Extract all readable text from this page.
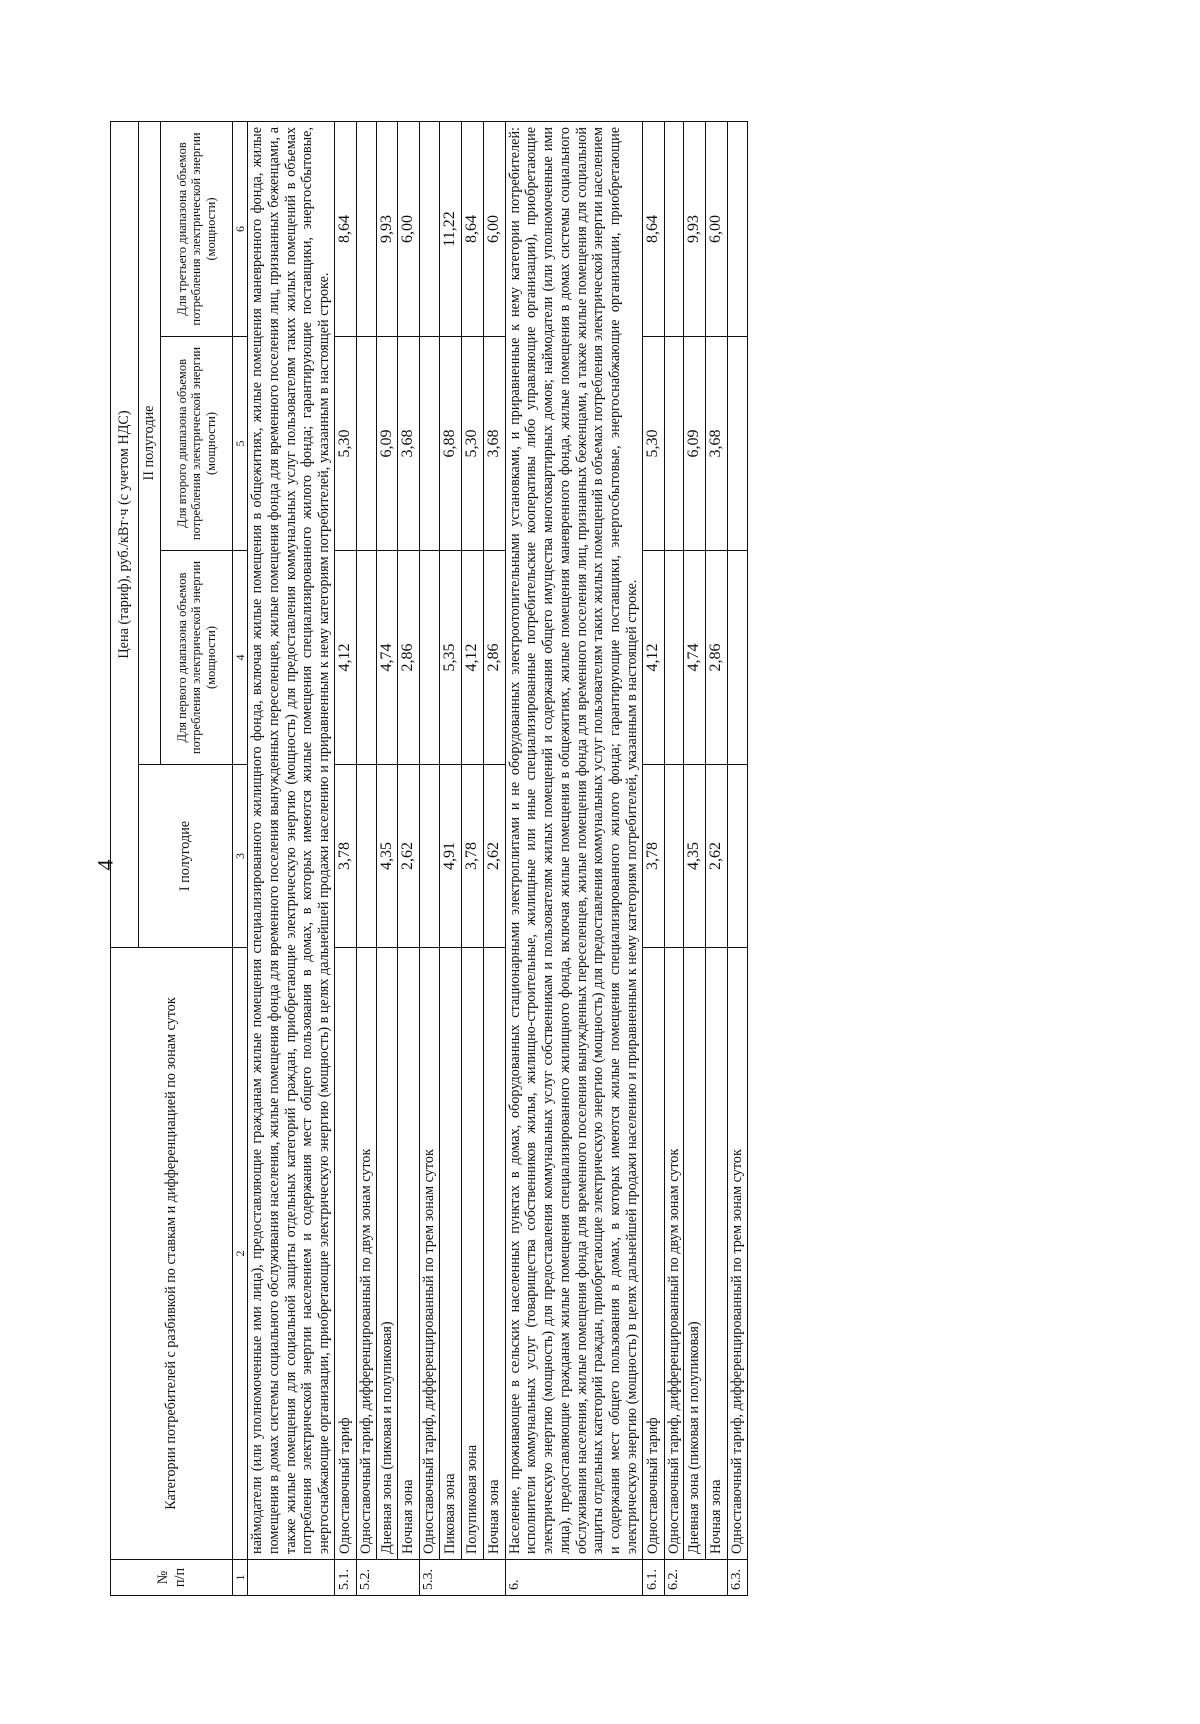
4
№
п/п	Категории потребителей с разбивкой по ставкам и дифференциацией по зонам суток	Цена (тариф), руб./кВт·ч (с учетом НДС)			
		I полугодие	II полугодие		
			Для первого диапазона объемов потребления электрической энергии (мощности)	Для второго диапазона объемов потребления электрической энергии (мощности)	Для третьего диапазона объемов потребления электрической энергии (мощности)
1	2	3	4	5	6
	наймодатели (или уполномоченные ими лица), предоставляющие гражданам жилые помещения специализированного жилищного фонда, включая жилые помещения в общежитиях, жилые помещения маневренного фонда, жилые помещения в домах системы социального обслуживания населения, жилые помещения фонда для временного поселения вынужденных переселенцев, жилые помещения фонда для временного поселения лиц, признанных беженцами, а также жилые помещения для социальной защиты отдельных категорий граждан, приобретающие электрическую энергию (мощность) для предоставления коммунальных услуг пользователям таких жилых помещений в объемах потребления электрической энергии населением и содержания мест общего пользования в домах, в которых имеются жилые помещения специализированного жилого фонда; гарантирующие поставщики, энергосбытовые, энергоснабжающие организации, приобретающие электрическую энергию (мощность) в целях дальнейшей продажи населению и приравненным к нему категориям потребителей, указанным в настоящей строке.				
5.1.	Одноставочный тариф	3,78	4,12	5,30	8,64
5.2.	Одноставочный тариф, дифференцированный по двум зонам суток				
	Дневная зона (пиковая и полупиковая)	4,35	4,74	6,09	9,93
	Ночная зона	2,62	2,86	3,68	6,00
5.3.	Одноставочный тариф, дифференцированный по трем зонам суток				
	Пиковая зона	4,91	5,35	6,88	11,22
	Полупиковая зона	3,78	4,12	5,30	8,64
	Ночная зона	2,62	2,86	3,68	6,00
6.	Население, проживающее в сельских населенных пунктах в домах, оборудованных стационарными электроплитами и не оборудованных электроотопительными установками, и приравненные к нему категории потребителей: исполнители коммунальных услуг (товарищества собственников жилья, жилищно-строительные, жилищные или иные специализированные потребительские кооперативы либо управляющие организации), приобретающие электрическую энергию (мощность) для предоставления коммунальных услуг собственникам и пользователям жилых помещений и содержания общего имущества многоквартирных домов; наймодатели (или уполномоченные ими лица), предоставляющие гражданам жилые помещения специализированного жилищного фонда, включая жилые помещения в общежитиях, жилые помещения маневренного фонда, жилые помещения в домах системы социального обслуживания населения, жилые помещения фонда для временного поселения вынужденных переселенцев, жилые помещения фонда для временного поселения лиц, признанных беженцами, а также жилые помещения для социальной защиты отдельных категорий граждан, приобретающие электрическую энергию (мощность) для предоставления коммунальных услуг пользователям таких жилых помещений в объемах потребления электрической энергии населением и содержания мест общего пользования в домах, в которых имеются жилые помещения специализированного жилого фонда; гарантирующие поставщики, энергосбытовые, энергоснабжающие организации, приобретающие электрическую энергию (мощность) в целях дальнейшей продажи населению и приравненным к нему категориям потребителей, указанным в настоящей строке.				
6.1.	Одноставочный тариф	3,78	4,12	5,30	8,64
6.2.	Одноставочный тариф, дифференцированный по двум зонам суток				
	Дневная зона (пиковая и полупиковая)	4,35	4,74	6,09	9,93
	Ночная зона	2,62	2,86	3,68	6,00
6.3.	Одноставочный тариф, дифференцированный по трем зонам суток				
